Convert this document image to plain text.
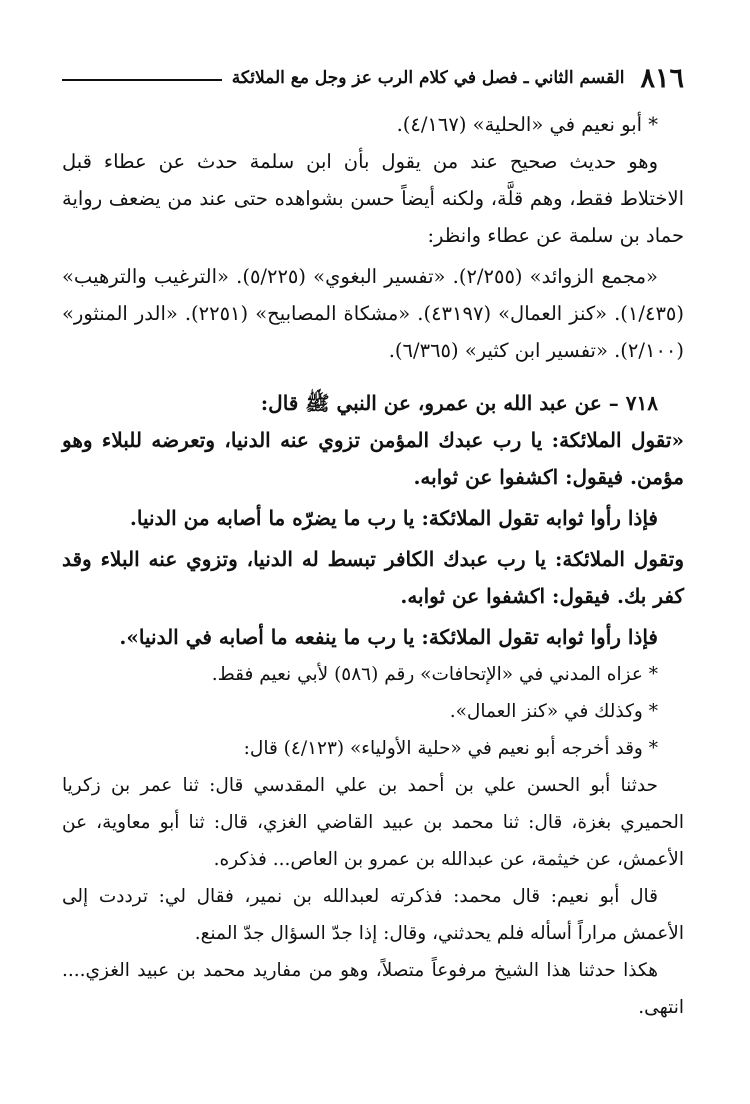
٨١٦
القسم الثاني ـ فصل في كلام الرب عز وجل مع الملائكة

* أبو نعيم في «الحلية» (٤/١٦٧).

وهو حديث صحيح عند من يقول بأن ابن سلمة حدث عن عطاء قبل الاختلاط فقط، وهم قلَّة، ولكنه أيضاً حسن بشواهده حتى عند من يضعف رواية حماد بن سلمة عن عطاء وانظر:

«مجمع الزوائد» (٢/٢٥٥). «تفسير البغوي» (٥/٢٢٥). «الترغيب والترهيب» (١/٤٣٥). «كنز العمال» (٤٣١٩٧). «مشكاة المصابيح» (٢٢٥١). «الدر المنثور» (٢/١٠٠). «تفسير ابن كثير» (٦/٣٦٥).

٧١٨ – عن عبد الله بن عمرو، عن النبي ﷺ قال:

«تقول الملائكة: يا رب عبدك المؤمن تزوي عنه الدنيا، وتعرضه للبلاء وهو مؤمن. فيقول: اكشفوا عن ثوابه.

فإذا رأوا ثوابه تقول الملائكة: يا رب ما يضرّه ما أصابه من الدنيا.

وتقول الملائكة: يا رب عبدك الكافر تبسط له الدنيا، وتزوي عنه البلاء وقد كفر بك. فيقول: اكشفوا عن ثوابه.

فإذا رأوا ثوابه تقول الملائكة: يا رب ما ينفعه ما أصابه في الدنيا».

* عزاه المدني في «الإتحافات» رقم (٥٨٦) لأبي نعيم فقط.

* وكذلك في «كنز العمال».

* وقد أخرجه أبو نعيم في «حلية الأولياء» (٤/١٢٣) قال:

حدثنا أبو الحسن علي بن أحمد بن علي المقدسي قال: ثنا عمر بن زكريا الحميري بغزة، قال: ثنا محمد بن عبيد القاضي الغزي، قال: ثنا أبو معاوية، عن الأعمش، عن خيثمة، عن عبدالله بن عمرو بن العاص... فذكره.

قال أبو نعيم: قال محمد: فذكرته لعبدالله بن نمير، فقال لي: ترددت إلى الأعمش مراراً أسأله فلم يحدثني، وقال: إذا جدّ السؤال جدّ المنع.

هكذا حدثنا هذا الشيخ مرفوعاً متصلاً، وهو من مفاريد محمد بن عبيد الغزي.... انتهى.
